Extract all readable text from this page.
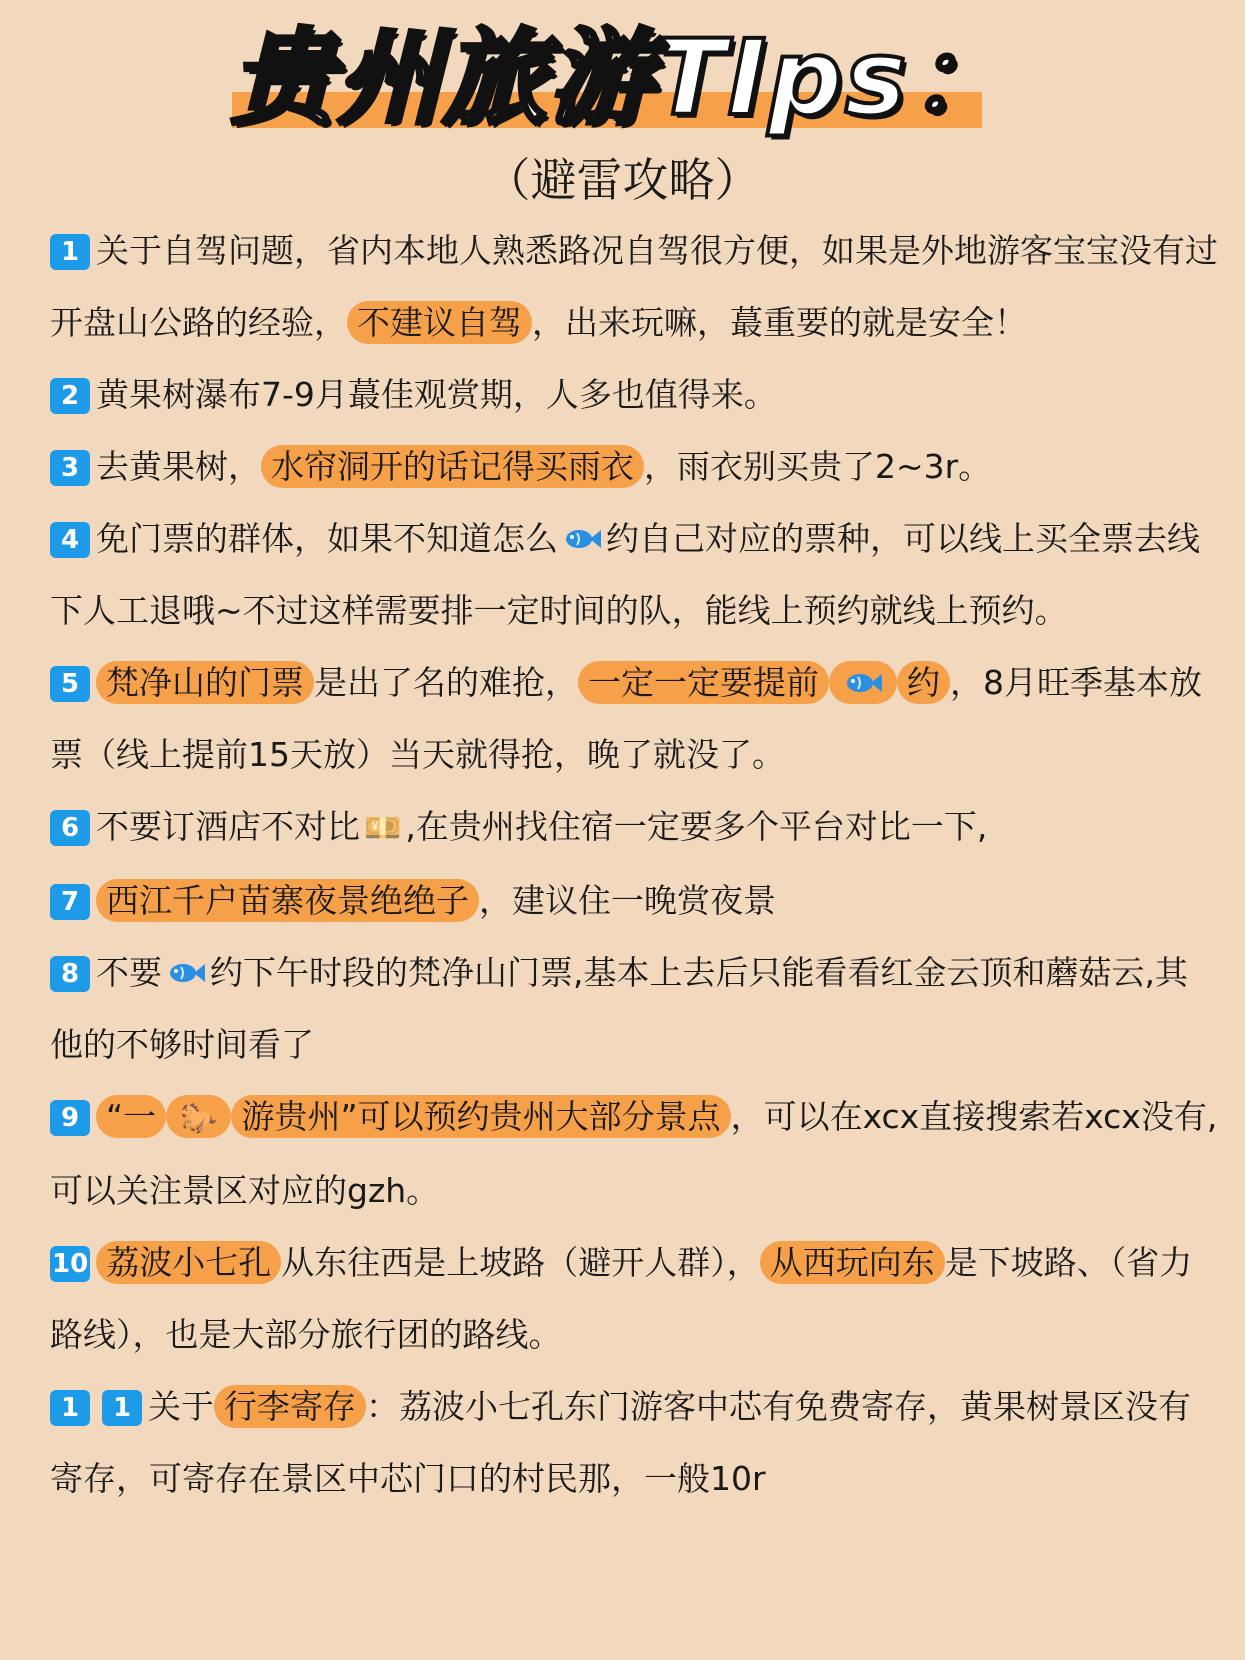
贵州旅游TIps：
（避雷攻略）

1 关于自驾问题，省内本地人熟悉路况自驾很方便，如果是外地游客宝宝没有过开盘山公路的经验， 不建议自驾 ，出来玩嘛，蕞重要的就是安全！

2 黄果树瀑布7-9月蕞佳观赏期，人多也值得来。

3 去黄果树， 水帘洞开的话记得买雨衣 ，雨衣别买贵了2~3r。

4 免门票的群体，如果不知道怎么 约自己对应的票种，可以线上买全票去线下人工退哦~不过这样需要排一定时间的队，能线上预约就线上预约。

5 梵净山的门票 是出了名的难抢， 一定一定要提前	约 ，8月旺季基本放票（线上提前15天放）当天就得抢，晚了就没了。

6 不要订酒店不对比 💴 ,在贵州找住宿一定要多个平台对比一下,

7 西江千户苗寨夜景绝绝子 ，建议住一晚赏夜景

8 不要 约下午时段的梵净山门票,基本上去后只能看看红金云顶和蘑菇云,其他的不够时间看了

9 “一 🐎 游贵州”可以预约贵州大部分景点 ，可以在xcx直接搜索若xcx没有,可以关注景区对应的gzh。

10 荔波小七孔 从东往西是上坡路（避开人群）， 从西玩向东 是下坡路、（省力路线），也是大部分旅行团的路线。

1 1 关于 行李寄存 ：荔波小七孔东门游客中芯有免费寄存，黄果树景区没有寄存，可寄存在景区中芯门口的村民那，一般10r
